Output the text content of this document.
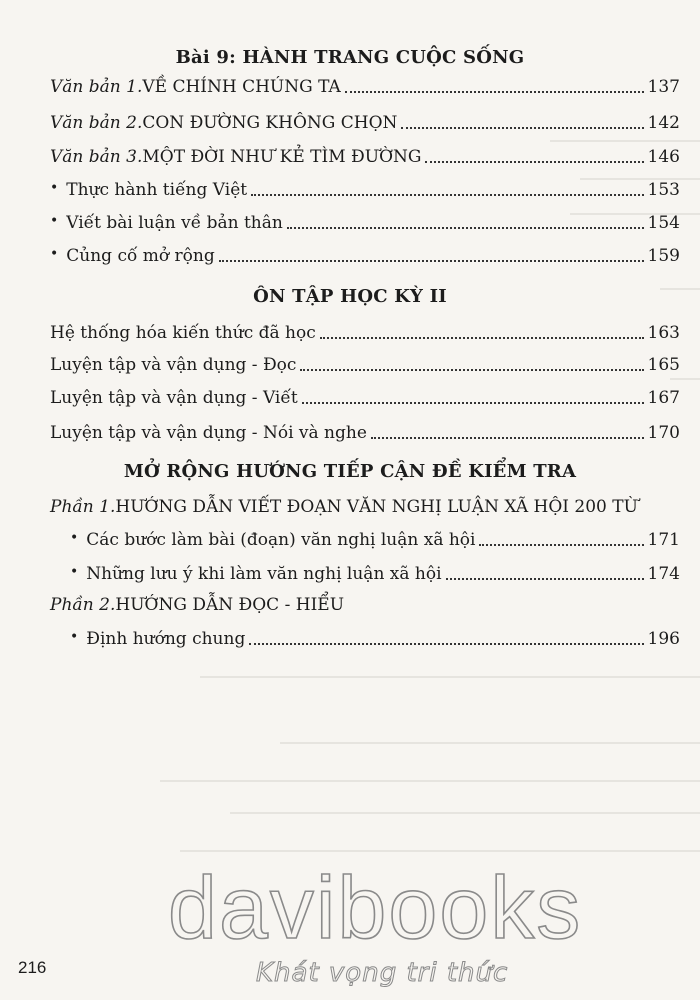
Bài 9: HÀNH TRANG CUỘC SỐNG
Văn bản 1. VỀ CHÍNH CHÚNG TA	137
Văn bản 2. CON ĐƯỜNG KHÔNG CHỌN	142
Văn bản 3. MỘT ĐỜI NHƯ KẺ TÌM ĐƯỜNG	146
• Thực hành tiếng Việt	153
• Viết bài luận về bản thân	154
• Củng cố mở rộng	159
ÔN TẬP HỌC KỲ II
Hệ thống hóa kiến thức đã học	163
Luyện tập và vận dụng - Đọc	165
Luyện tập và vận dụng - Viết	167
Luyện tập và vận dụng - Nói và nghe	170
MỞ RỘNG HƯỚNG TIẾP CẬN ĐỀ KIỂM TRA
Phần 1. HƯỚNG DẪN VIẾT ĐOẠN VĂN NGHỊ LUẬN XÃ HỘI 200 TỪ
• Các bước làm bài (đoạn) văn nghị luận xã hội	171
• Những lưu ý khi làm văn nghị luận xã hội	174
Phần 2. HƯỚNG DẪN ĐỌC - HIỂU
• Định hướng chung	196
davibooks
Khát vọng tri thức
216
